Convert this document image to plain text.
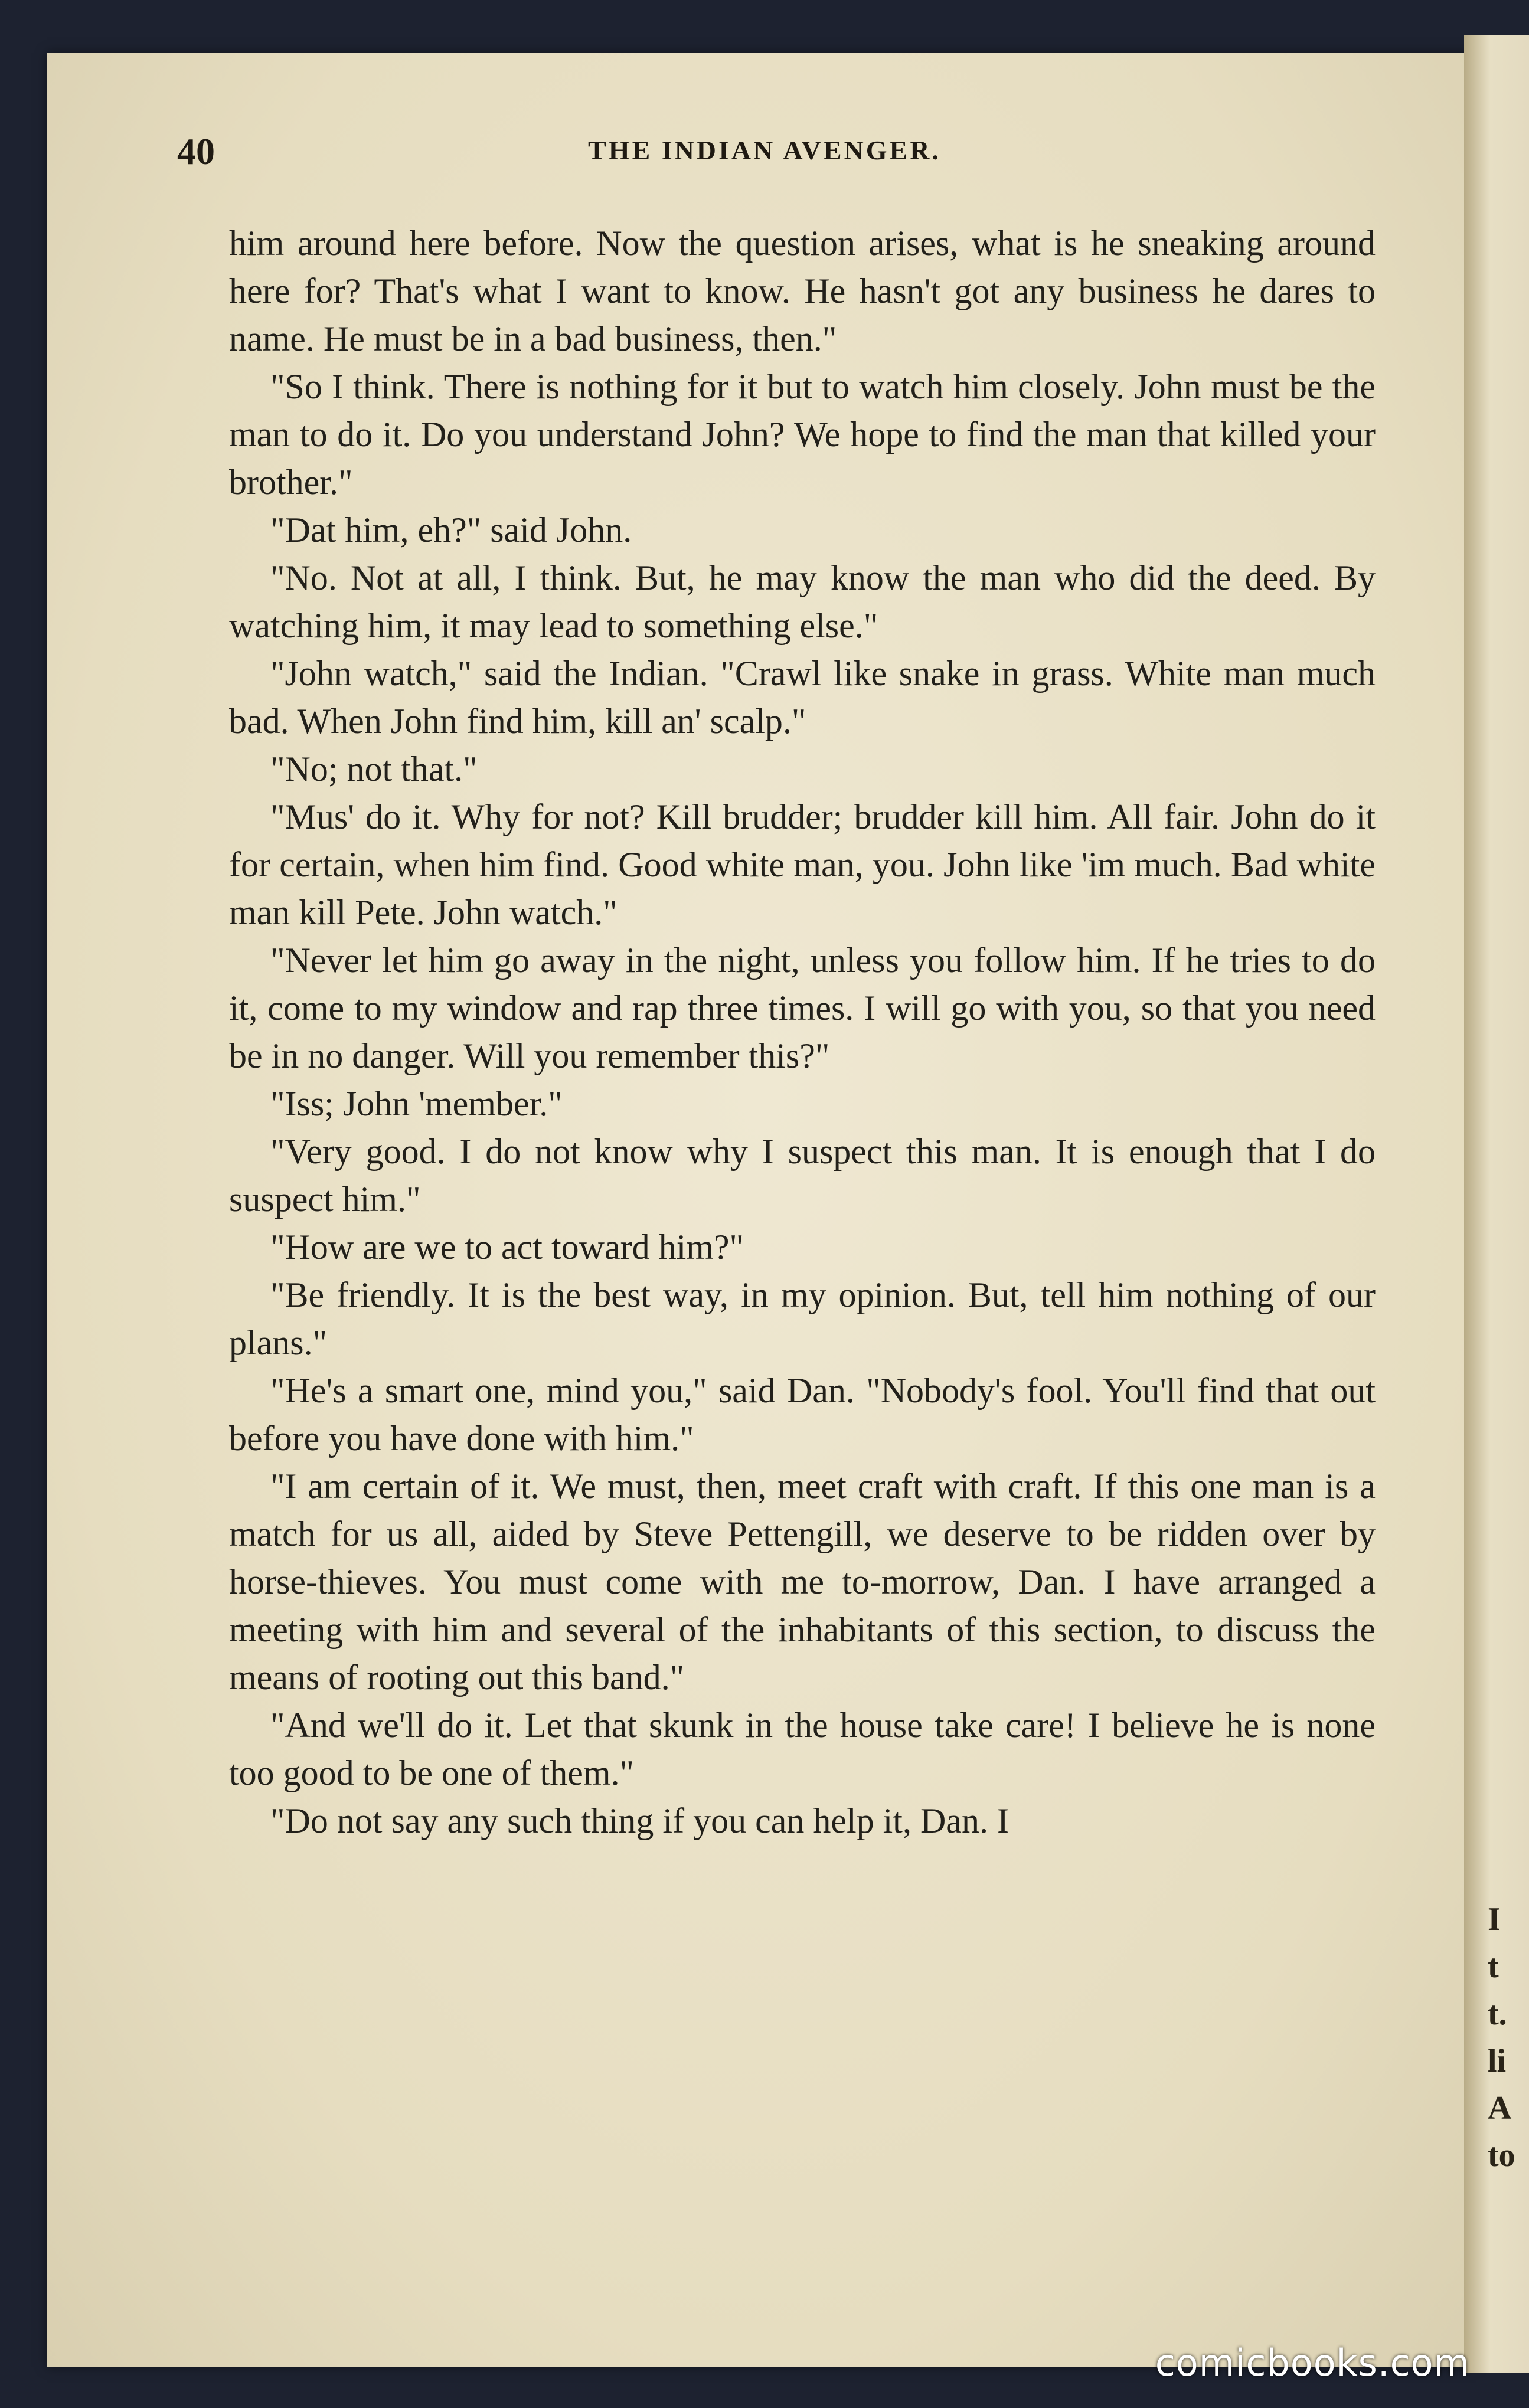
I
t
t.
li
A
to
40	THE INDIAN AVENGER.

him around here before. Now the question arises, what is he sneaking around here for? That's what I want to know. He hasn't got any business he dares to name. He must be in a bad business, then."

"So I think. There is nothing for it but to watch him closely. John must be the man to do it. Do you understand John? We hope to find the man that killed your brother."

"Dat him, eh?" said John.

"No. Not at all, I think. But, he may know the man who did the deed. By watching him, it may lead to something else."

"John watch," said the Indian. "Crawl like snake in grass. White man much bad. When John find him, kill an' scalp."

"No; not that."

"Mus' do it. Why for not? Kill brudder; brudder kill him. All fair. John do it for certain, when him find. Good white man, you. John like 'im much. Bad white man kill Pete. John watch."

"Never let him go away in the night, unless you follow him. If he tries to do it, come to my window and rap three times. I will go with you, so that you need be in no danger. Will you remember this?"

"Iss; John 'member."

"Very good. I do not know why I suspect this man. It is enough that I do suspect him."

"How are we to act toward him?"

"Be friendly. It is the best way, in my opinion. But, tell him nothing of our plans."

"He's a smart one, mind you," said Dan. "Nobody's fool. You'll find that out before you have done with him."

"I am certain of it. We must, then, meet craft with craft. If this one man is a match for us all, aided by Steve Pettengill, we deserve to be ridden over by horse-thieves. You must come with me to-morrow, Dan. I have arranged a meeting with him and several of the inhabitants of this section, to discuss the means of rooting out this band."

"And we'll do it. Let that skunk in the house take care! I believe he is none too good to be one of them."

"Do not say any such thing if you can help it, Dan. I

comicbooks.com
